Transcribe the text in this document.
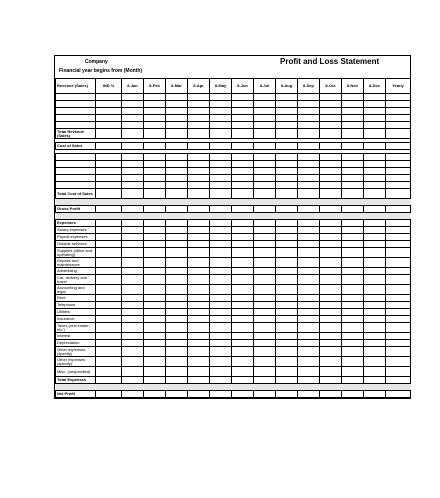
Company
Financial year begins from (Month)
Profit and Loss Statement
Revenue (Sales)	IND %	8-Jan	8-Feb	8-Mar	8-Apr	8-May	8-Jun	8-Jul	8-Aug	8-Sep	8-Oct	8-Nov	8-Dec	Yearly

Total Revenue (Sales)														

Cost of Sales														

Total Cost of Sales														

Gross Profit														

Expenses														
Salary expenses														
Payroll expenses														
Outside services														
Supplies (office and operating)														
Repairs and maintenance														
Advertising														
Car, delivery and travel														
Accounting and legal														
Rent														
Telephone														
Utilities														
Insurance														
Taxes (real estate, etc.)														
Interest														
Depreciation														
Other expenses (specify)														
Other expenses (specify)														
Misc. (unspecified)														
Total Expenses														

Net Profit														
